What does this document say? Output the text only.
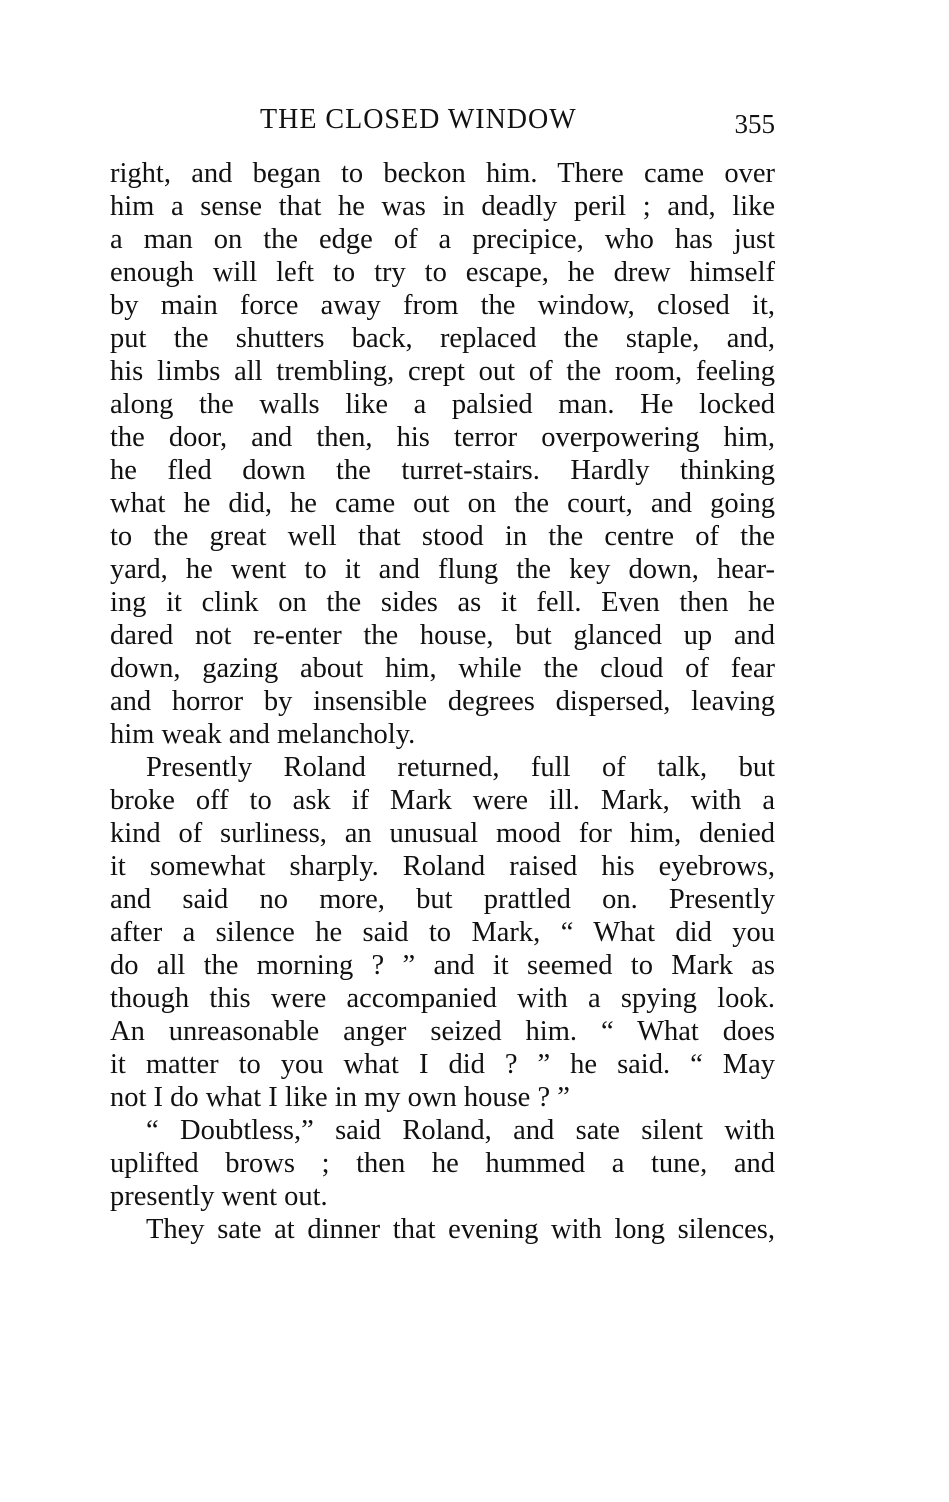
THE CLOSED WINDOW	355
right, and began to beckon him. There came over
him a sense that he was in deadly peril ; and, like
a man on the edge of a precipice, who has just
enough will left to try to escape, he drew himself
by main force away from the window, closed it,
put the shutters back, replaced the staple, and,
his limbs all trembling, crept out of the room, feeling
along the walls like a palsied man. He locked
the door, and then, his terror overpowering him,
he fled down the turret-stairs. Hardly thinking
what he did, he came out on the court, and going
to the great well that stood in the centre of the
yard, he went to it and flung the key down, hear-
ing it clink on the sides as it fell. Even then he
dared not re-enter the house, but glanced up and
down, gazing about him, while the cloud of fear
and horror by insensible degrees dispersed, leaving
him weak and melancholy.
Presently Roland returned, full of talk, but
broke off to ask if Mark were ill. Mark, with a
kind of surliness, an unusual mood for him, denied
it somewhat sharply. Roland raised his eyebrows,
and said no more, but prattled on. Presently
after a silence he said to Mark, “ What did you
do all the morning ? ” and it seemed to Mark as
though this were accompanied with a spying look.
An unreasonable anger seized him. “ What does
it matter to you what I did ? ” he said. “ May
not I do what I like in my own house ? ”
“ Doubtless,” said Roland, and sate silent with
uplifted brows ; then he hummed a tune, and
presently went out.
They sate at dinner that evening with long silences,
